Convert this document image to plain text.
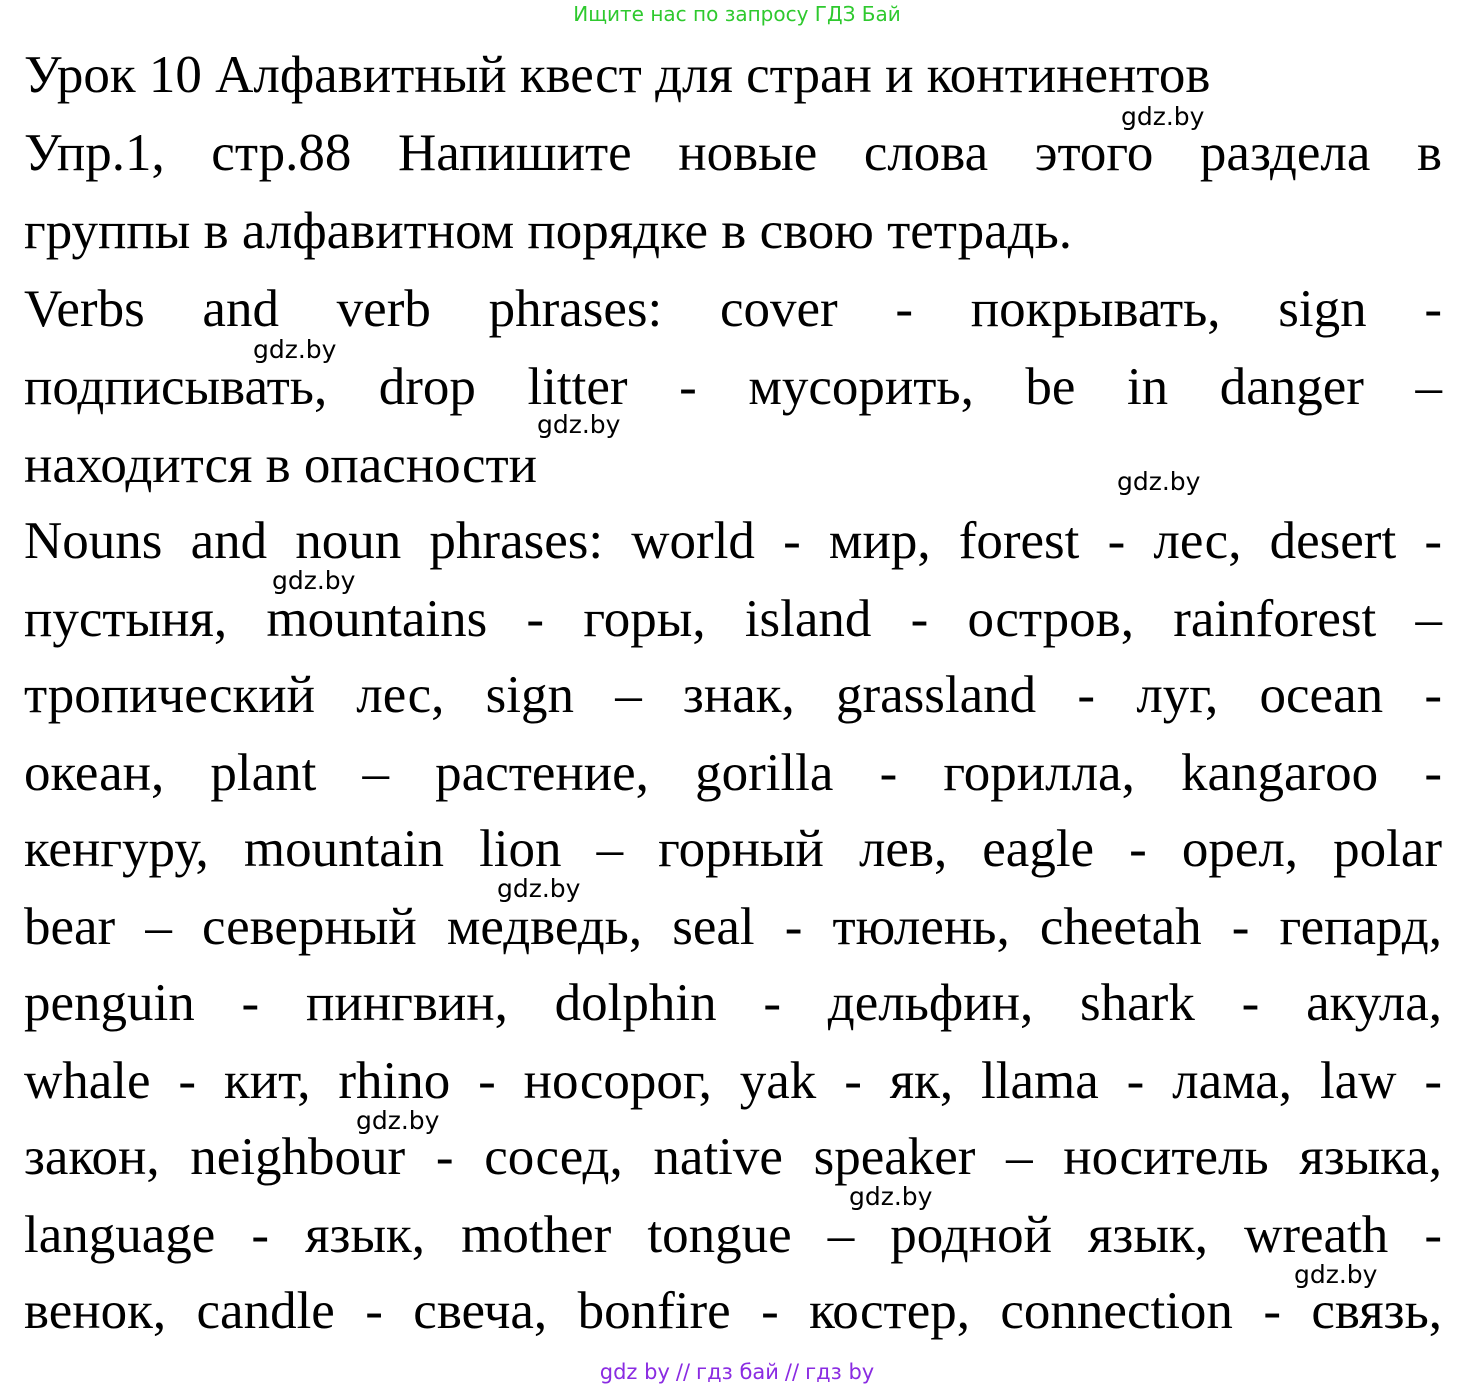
Ищите нас по запросу ГДЗ Бай
Урок 10 Алфавитный квест для стран и континентов
Упр.1, стр.88 Напишите новые слова этого раздела в
группы в алфавитном порядке в свою тетрадь.
Verbs and verb phrases: cover - покрывать, sign -
подписывать, drop litter - мусорить, be in danger –
находится в опасности
Nouns and noun phrases: world - мир, forest - лес, desert -
пустыня, mountains - горы, island - остров, rainforest –
тропический лес, sign – знак, grassland - луг, ocean -
океан, plant – растение, gorilla - горилла, kangaroo -
кенгуру, mountain lion – горный лев, eagle - орел, polar
bear – северный медведь, seal - тюлень, cheetah - гепард,
penguin - пингвин, dolphin - дельфин, shark - акула,
whale - кит, rhino - носорог, yak - як, llama - лама, law -
закон, neighbour - сосед, native speaker – носитель языка,
language - язык, mother tongue – родной язык, wreath -
венок, candle - свеча, bonfire - костер, connection - связь,
gdz.by
gdz.by
gdz.by
gdz.by
gdz.by
gdz.by
gdz.by
gdz.by
gdz.by
gdz by // гдз бай // гдз by
